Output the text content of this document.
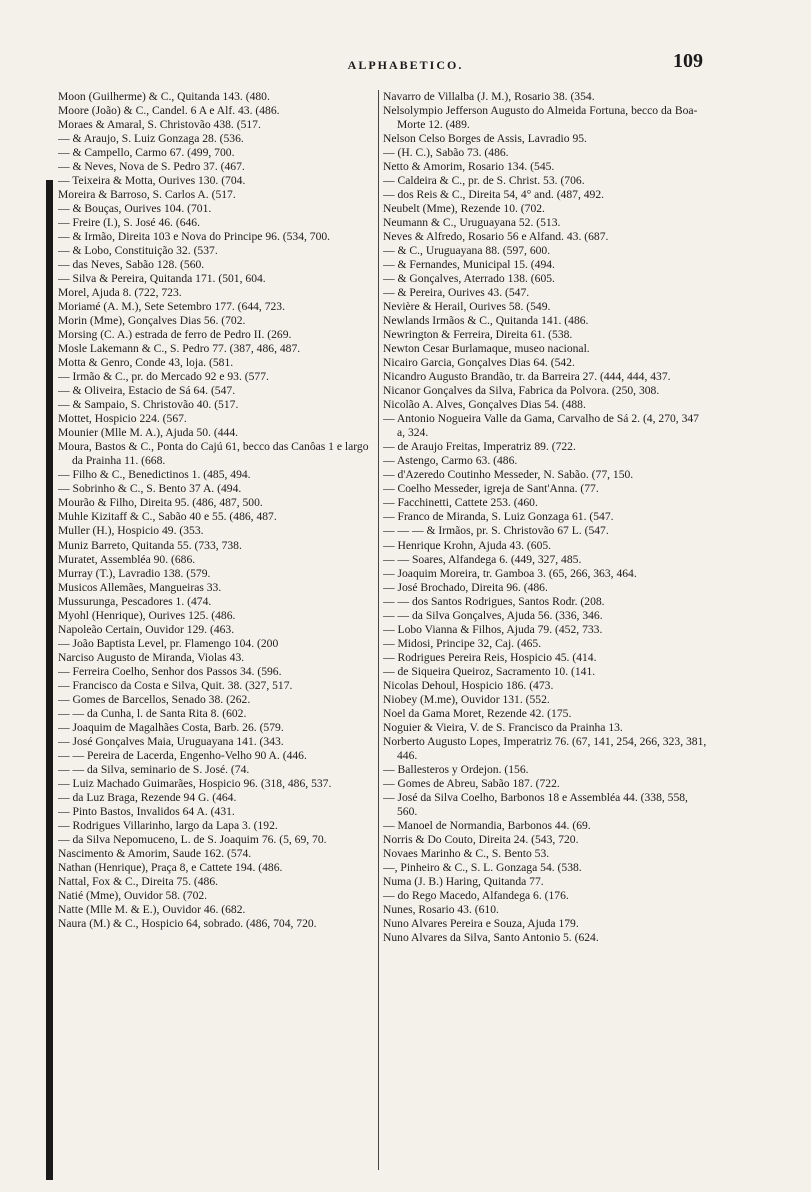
ALPHABETICO.	109

Moon (Guilherme) & C., Quitanda 143. (480.

Moore (João) & C., Candel. 6 A e Alf. 43. (486.

Moraes & Amaral, S. Christovão 438. (517.

— & Araujo, S. Luiz Gonzaga 28. (536.

— & Campello, Carmo 67. (499, 700.

— & Neves, Nova de S. Pedro 37. (467.

— Teixeira & Motta, Ourives 130. (704.

Moreira & Barroso, S. Carlos A. (517.

— & Bouças, Ourives 104. (701.

— Freire (I.), S. José 46. (646.

— & Irmão, Direita 103 e Nova do Principe 96. (534, 700.

— & Lobo, Constituição 32. (537.

— das Neves, Sabão 128. (560.

— Silva & Pereira, Quitanda 171. (501, 604.

Morel, Ajuda 8. (722, 723.

Moriamé (A. M.), Sete Setembro 177. (644, 723.

Morin (Mme), Gonçalves Dias 56. (702.

Morsing (C. A.) estrada de ferro de Pedro II. (269.

Mosle Lakemann & C., S. Pedro 77. (387, 486, 487.

Motta & Genro, Conde 43, loja. (581.

— Irmão & C., pr. do Mercado 92 e 93. (577.

— & Oliveira, Estacio de Sá 64. (547.

— & Sampaio, S. Christovão 40. (517.

Mottet, Hospicio 224. (567.

Mounier (Mlle M. A.), Ajuda 50. (444.

Moura, Bastos & C., Ponta do Cajú 61, becco das Canôas 1 e largo da Prainha 11. (668.

— Filho & C., Benedictinos 1. (485, 494.

— Sobrinho & C., S. Bento 37 A. (494.

Mourão & Filho, Direita 95. (486, 487, 500.

Muhle Kizitaff & C., Sabão 40 e 55. (486, 487.

Muller (H.), Hospicio 49. (353.

Muniz Barreto, Quitanda 55. (733, 738.

Muratet, Assembléa 90. (686.

Murray (T.), Lavradio 138. (579.

Musicos Allemães, Mangueiras 33.

Mussurunga, Pescadores 1. (474.

Myohl (Henrique), Ourives 125. (486.

Napoleão Certain, Ouvidor 129. (463.

— João Baptista Level, pr. Flamengo 104. (200

Narciso Augusto de Miranda, Violas 43.

— Ferreira Coelho, Senhor dos Passos 34. (596.

— Francisco da Costa e Silva, Quit. 38. (327, 517.

— Gomes de Barcellos, Senado 38. (262.

— — da Cunha, l. de Santa Rita 8. (602.

— Joaquim de Magalhães Costa, Barb. 26. (579.

— José Gonçalves Maia, Uruguayana 141. (343.

— — Pereira de Lacerda, Engenho-Velho 90 A. (446.

— — da Silva, seminario de S. José. (74.

— Luiz Machado Guimarães, Hospicio 96. (318, 486, 537.

— da Luz Braga, Rezende 94 G. (464.

— Pinto Bastos, Invalidos 64 A. (431.

— Rodrigues Villarinho, largo da Lapa 3. (192.

— da Silva Nepomuceno, L. de S. Joaquim 76. (5, 69, 70.

Nascimento & Amorim, Saude 162. (574.

Nathan (Henrique), Praça 8, e Cattete 194. (486.

Nattal, Fox & C., Direita 75. (486.

Natié (Mme), Ouvidor 58. (702.

Natte (Mlle M. & E.), Ouvidor 46. (682.

Naura (M.) & C., Hospicio 64, sobrado. (486, 704, 720.

Navarro de Villalba (J. M.), Rosario 38. (354.

Nelsolympio Jefferson Augusto do Almeida Fortuna, becco da Boa-Morte 12. (489.

Nelson Celso Borges de Assis, Lavradio 95.

— (H. C.), Sabão 73. (486.

Netto & Amorim, Rosario 134. (545.

— Caldeira & C., pr. de S. Christ. 53. (706.

— dos Reis & C., Direita 54, 4° and. (487, 492.

Neubelt (Mme), Rezende 10. (702.

Neumann & C., Uruguayana 52. (513.

Neves & Alfredo, Rosario 56 e Alfand. 43. (687.

— & C., Uruguayana 88. (597, 600.

— & Fernandes, Municipal 15. (494.

— & Gonçalves, Aterrado 138. (605.

— & Pereira, Ourives 43. (547.

Nevière & Herail, Ourives 58. (549.

Newlands Irmãos & C., Quitanda 141. (486.

Newrington & Ferreira, Direita 61. (538.

Newton Cesar Burlamaque, museo nacional.

Nicairo Garcia, Gonçalves Dias 64. (542.

Nicandro Augusto Brandão, tr. da Barreira 27. (444, 444, 437.

Nicanor Gonçalves da Silva, Fabrica da Polvora. (250, 308.

Nicolão A. Alves, Gonçalves Dias 54. (488.

— Antonio Nogueira Valle da Gama, Carvalho de Sá 2. (4, 270, 347 a, 324.

— de Araujo Freitas, Imperatriz 89. (722.

— Astengo, Carmo 63. (486.

— d'Azeredo Coutinho Messeder, N. Sabão. (77, 150.

— Coelho Messeder, igreja de Sant'Anna. (77.

— Facchinetti, Cattete 253. (460.

— Franco de Miranda, S. Luiz Gonzaga 61. (547.

— — — & Irmãos, pr. S. Christovão 67 L. (547.

— Henrique Krohn, Ajuda 43. (605.

— — Soares, Alfandega 6. (449, 327, 485.

— Joaquim Moreira, tr. Gamboa 3. (65, 266, 363, 464.

— José Brochado, Direita 96. (486.

— — dos Santos Rodrigues, Santos Rodr. (208.

— — da Silva Gonçalves, Ajuda 56. (336, 346.

— Lobo Vianna & Filhos, Ajuda 79. (452, 733.

— Midosi, Principe 32, Caj. (465.

— Rodrigues Pereira Reis, Hospicio 45. (414.

— de Siqueira Queiroz, Sacramento 10. (141.

Nicolas Dehoul, Hospicio 186. (473.

Niobey (M.me), Ouvidor 131. (552.

Noel da Gama Moret, Rezende 42. (175.

Noguier & Vieira, V. de S. Francisco da Prainha 13.

Norberto Augusto Lopes, Imperatriz 76. (67, 141, 254, 266, 323, 381, 446.

— Ballesteros y Ordejon. (156.

— Gomes de Abreu, Sabão 187. (722.

— José da Silva Coelho, Barbonos 18 e Assembléa 44. (338, 558, 560.

— Manoel de Normandia, Barbonos 44. (69.

Norris & Do Couto, Direita 24. (543, 720.

Novaes Marinho & C., S. Bento 53.

—, Pinheiro & C., S. L. Gonzaga 54. (538.

Numa (J. B.) Haring, Quitanda 77.

— do Rego Macedo, Alfandega 6. (176.

Nunes, Rosario 43. (610.

Nuno Alvares Pereira e Souza, Ajuda 179.

Nuno Alvares da Silva, Santo Antonio 5. (624.
